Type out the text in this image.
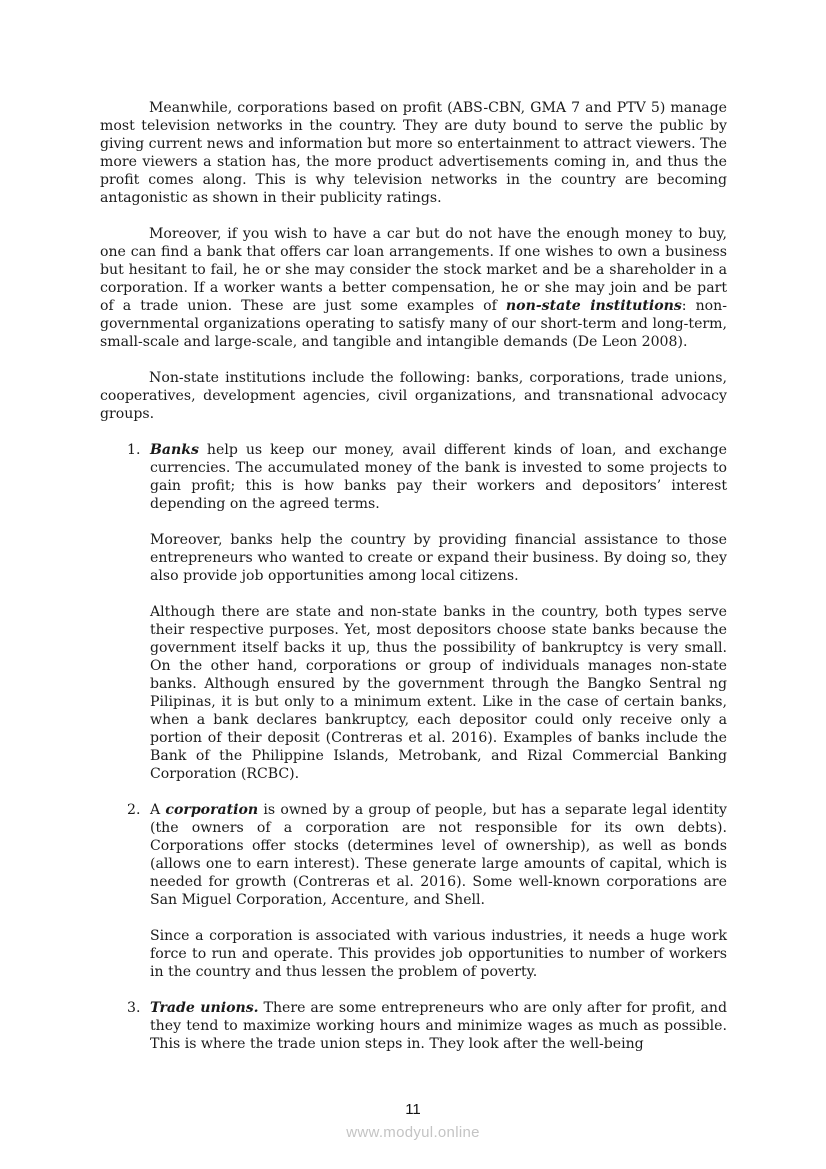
Meanwhile, corporations based on profit (ABS-CBN, GMA 7 and PTV 5) manage most television networks in the country. They are duty bound to serve the public by giving current news and information but more so entertainment to attract viewers. The more viewers a station has, the more product advertisements coming in, and thus the profit comes along. This is why television networks in the country are becoming antagonistic as shown in their publicity ratings.

Moreover, if you wish to have a car but do not have the enough money to buy, one can find a bank that offers car loan arrangements. If one wishes to own a business but hesitant to fail, he or she may consider the stock market and be a shareholder in a corporation. If a worker wants a better compensation, he or she may join and be part of a trade union. These are just some examples of non-state institutions: non-governmental organizations operating to satisfy many of our short-term and long-term, small-scale and large-scale, and tangible and intangible demands (De Leon 2008).

Non-state institutions include the following: banks, corporations, trade unions, cooperatives, development agencies, civil organizations, and transnational advocacy groups.

1. Banks help us keep our money, avail different kinds of loan, and exchange currencies. The accumulated money of the bank is invested to some projects to gain profit; this is how banks pay their workers and depositors’ interest depending on the agreed terms.

Moreover, banks help the country by providing financial assistance to those entrepreneurs who wanted to create or expand their business. By doing so, they also provide job opportunities among local citizens.

Although there are state and non-state banks in the country, both types serve their respective purposes. Yet, most depositors choose state banks because the government itself backs it up, thus the possibility of bankruptcy is very small. On the other hand, corporations or group of individuals manages non-state banks. Although ensured by the government through the Bangko Sentral ng Pilipinas, it is but only to a minimum extent. Like in the case of certain banks, when a bank declares bankruptcy, each depositor could only receive only a portion of their deposit (Contreras et al. 2016). Examples of banks include the Bank of the Philippine Islands, Metrobank, and Rizal Commercial Banking Corporation (RCBC).

2. A corporation is owned by a group of people, but has a separate legal identity (the owners of a corporation are not responsible for its own debts). Corporations offer stocks (determines level of ownership), as well as bonds (allows one to earn interest). These generate large amounts of capital, which is needed for growth (Contreras et al. 2016). Some well-known corporations are San Miguel Corporation, Accenture, and Shell.

Since a corporation is associated with various industries, it needs a huge work force to run and operate. This provides job opportunities to number of workers in the country and thus lessen the problem of poverty.

3. Trade unions. There are some entrepreneurs who are only after for profit, and they tend to maximize working hours and minimize wages as much as possible. This is where the trade union steps in. They look after the well-being

11
www.modyul.online
